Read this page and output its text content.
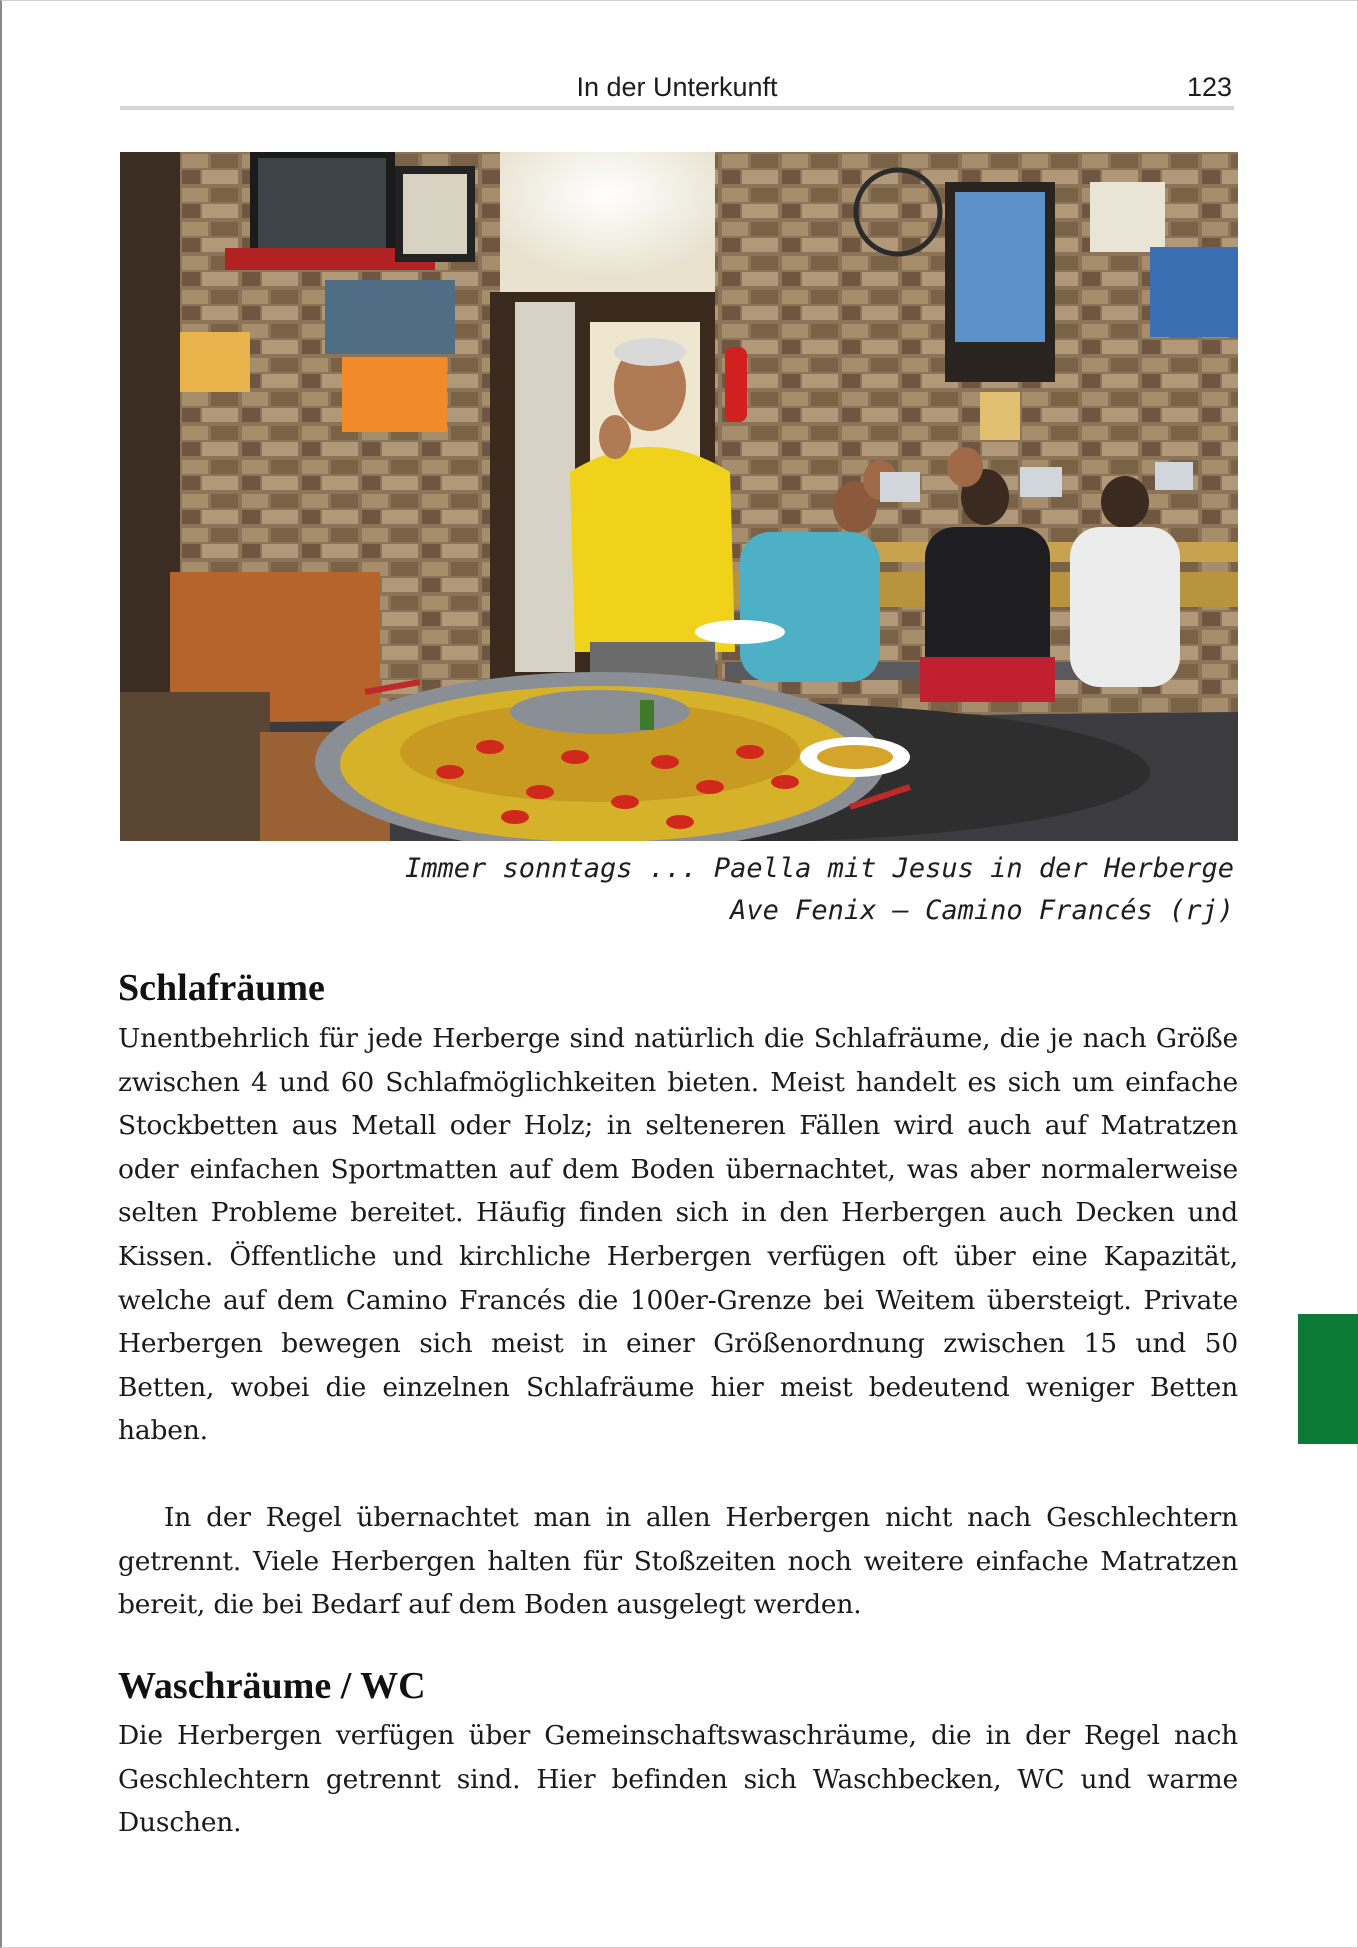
In der Unterkunft	123
Immer sonntags ... Paella mit Jesus in der Herberge
Ave Fenix – Camino Francés (rj)
Schlafräume
Unentbehrlich für jede Herberge sind natürlich die Schlafräume, die je nach Größe zwischen 4 und 60 Schlafmöglichkeiten bieten. Meist handelt es sich um einfache Stockbetten aus Metall oder Holz; in selteneren Fällen wird auch auf Matratzen oder einfachen Sportmatten auf dem Boden übernachtet, was aber normalerweise selten Probleme bereitet. Häufig finden sich in den Herbergen auch Decken und Kissen. Öffentliche und kirchliche Herbergen verfügen oft über eine Kapazität, welche auf dem Camino Francés die 100er-Grenze bei Weitem übersteigt. Private Herbergen bewegen sich meist in einer Größenordnung zwischen 15 und 50 Betten, wobei die einzelnen Schlafräume hier meist bedeutend weniger Betten haben.
In der Regel übernachtet man in allen Herbergen nicht nach Geschlechtern getrennt. Viele Herbergen halten für Stoßzeiten noch weitere einfache Matratzen bereit, die bei Bedarf auf dem Boden ausgelegt werden.
Waschräume / WC
Die Herbergen verfügen über Gemeinschaftswaschräume, die in der Regel nach Geschlechtern getrennt sind. Hier befinden sich Waschbecken, WC und warme Duschen.
